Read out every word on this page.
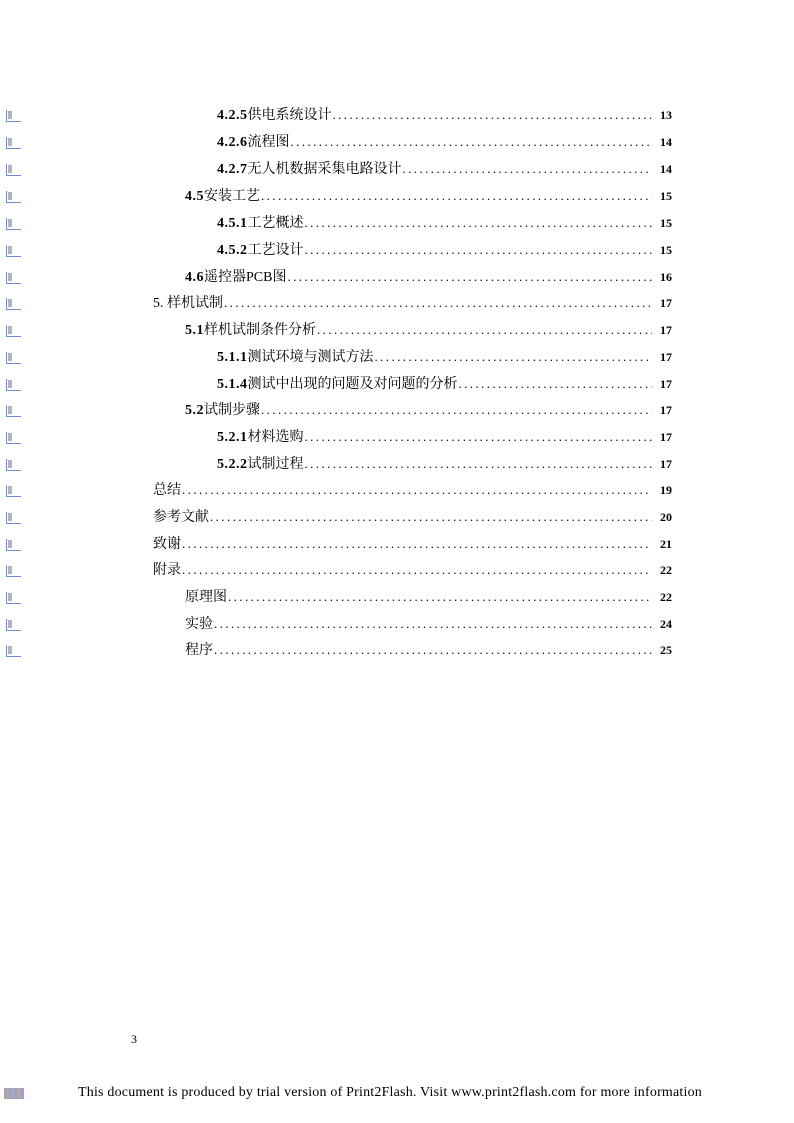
4.2.5 供电系统设计 .....	13
4.2.6 流程图 .....	14
4.2.7 无人机数据采集电路设计 .....	14
4.5 安装工艺 .....	15
4.5.1 工艺概述 .....	15
4.5.2 工艺设计 .....	15
4.6 遥控器PCB图 .....	16
5. 样机试制 .....	17
5.1 样机试制条件分析 .....	17
5.1.1 测试环境与测试方法 .....	17
5.1.4 测试中出现的问题及对问题的分析 .....	17
5.2 试制步骤 .....	17
5.2.1 材料选购 .....	17
5.2.2 试制过程 .....	17
总结 .....	19
参考文献 .....	20
致谢 .....	21
附录 .....	22
原理图 .....	22
实验 .....	24
程序 .....	25
3
This document is produced by trial version of Print2Flash. Visit www.print2flash.com for more information
